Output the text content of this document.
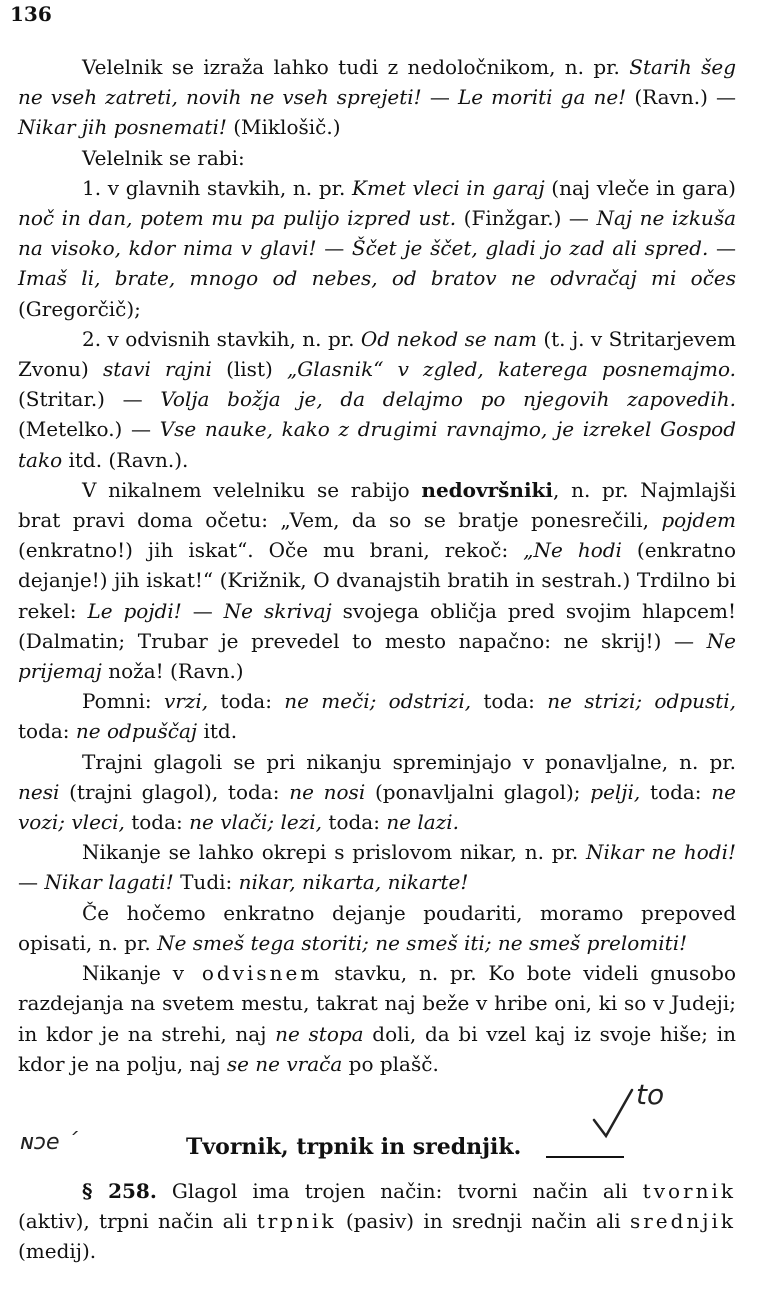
136

Velelnik se izraža lahko tudi z nedoločnikom, n. pr. Starih šeg ne vseh zatreti, novih ne vseh sprejeti! — Le moriti ga ne! (Ravn.) — Nikar jih posnemati! (Miklošič.)

Velelnik se rabi:

1. v glavnih stavkih, n. pr. Kmet vleci in garaj (naj vleče in gara) noč in dan, potem mu pa pulijo izpred ust. (Finžgar.) — Naj ne izkuša na visoko, kdor nima v glavi! — Ščet je ščet, gladi jo zad ali spred. — Imaš li, brate, mnogo od nebes, od bratov ne odvračaj mi očes (Gregorčič);

2. v odvisnih stavkih, n. pr. Od nekod se nam (t. j. v Stritarjevem Zvonu) stavi rajni (list) „Glasnik“ v zgled, katerega posnemajmo. (Stritar.) — Volja božja je, da delajmo po njegovih zapovedih. (Metelko.) — Vse nauke, kako z drugimi ravnajmo, je izrekel Gospod tako itd. (Ravn.).

V nikalnem velelniku se rabijo nedovršniki, n. pr. Najmlajši brat pravi doma očetu: „Vem, da so se bratje ponesrečili, pojdem (enkratno!) jih iskat“. Oče mu brani, rekoč: „Ne hodi (enkratno dejanje!) jih iskat!“ (Križnik, O dvanajstih bratih in sestrah.) Trdilno bi rekel: Le pojdi! — Ne skrivaj svojega obličja pred svojim hlapcem! (Dalmatin; Trubar je prevedel to mesto napačno: ne skrij!) — Ne prijemaj noža! (Ravn.)

Pomni: vrzi, toda: ne meči; odstrizi, toda: ne strizi; odpusti, toda: ne odpuščaj itd.

Trajni glagoli se pri nikanju spreminjajo v ponavljalne, n. pr. nesi (trajni glagol), toda: ne nosi (ponavljalni glagol); pelji, toda: ne vozi; vleci, toda: ne vlači; lezi, toda: ne lazi.

Nikanje se lahko okrepi s prislovom nikar, n. pr. Nikar ne hodi! — Nikar lagati! Tudi: nikar, nikarta, nikarte!

Če hočemo enkratno dejanje poudariti, moramo prepoved opisati, n. pr. Ne smeš tega storiti; ne smeš iti; ne smeš prelomiti!

Nikanje v odvisnem stavku, n. pr. Ko bote videli gnusobo razdejanja na svetem mestu, takrat naj beže v hribe oni, ki so v Judeji; in kdor je na strehi, naj ne stopa doli, da bi vzel kaj iz svoje hiše; in kdor je na polju, naj se ne vrača po plašč.

ɴɔe ˊ
to
Tvornik, trpnik in srednjik.

§ 258. Glagol ima trojen način: tvorni način ali tvornik (aktiv), trpni način ali trpnik (pasiv) in srednji način ali srednjik (medij).
